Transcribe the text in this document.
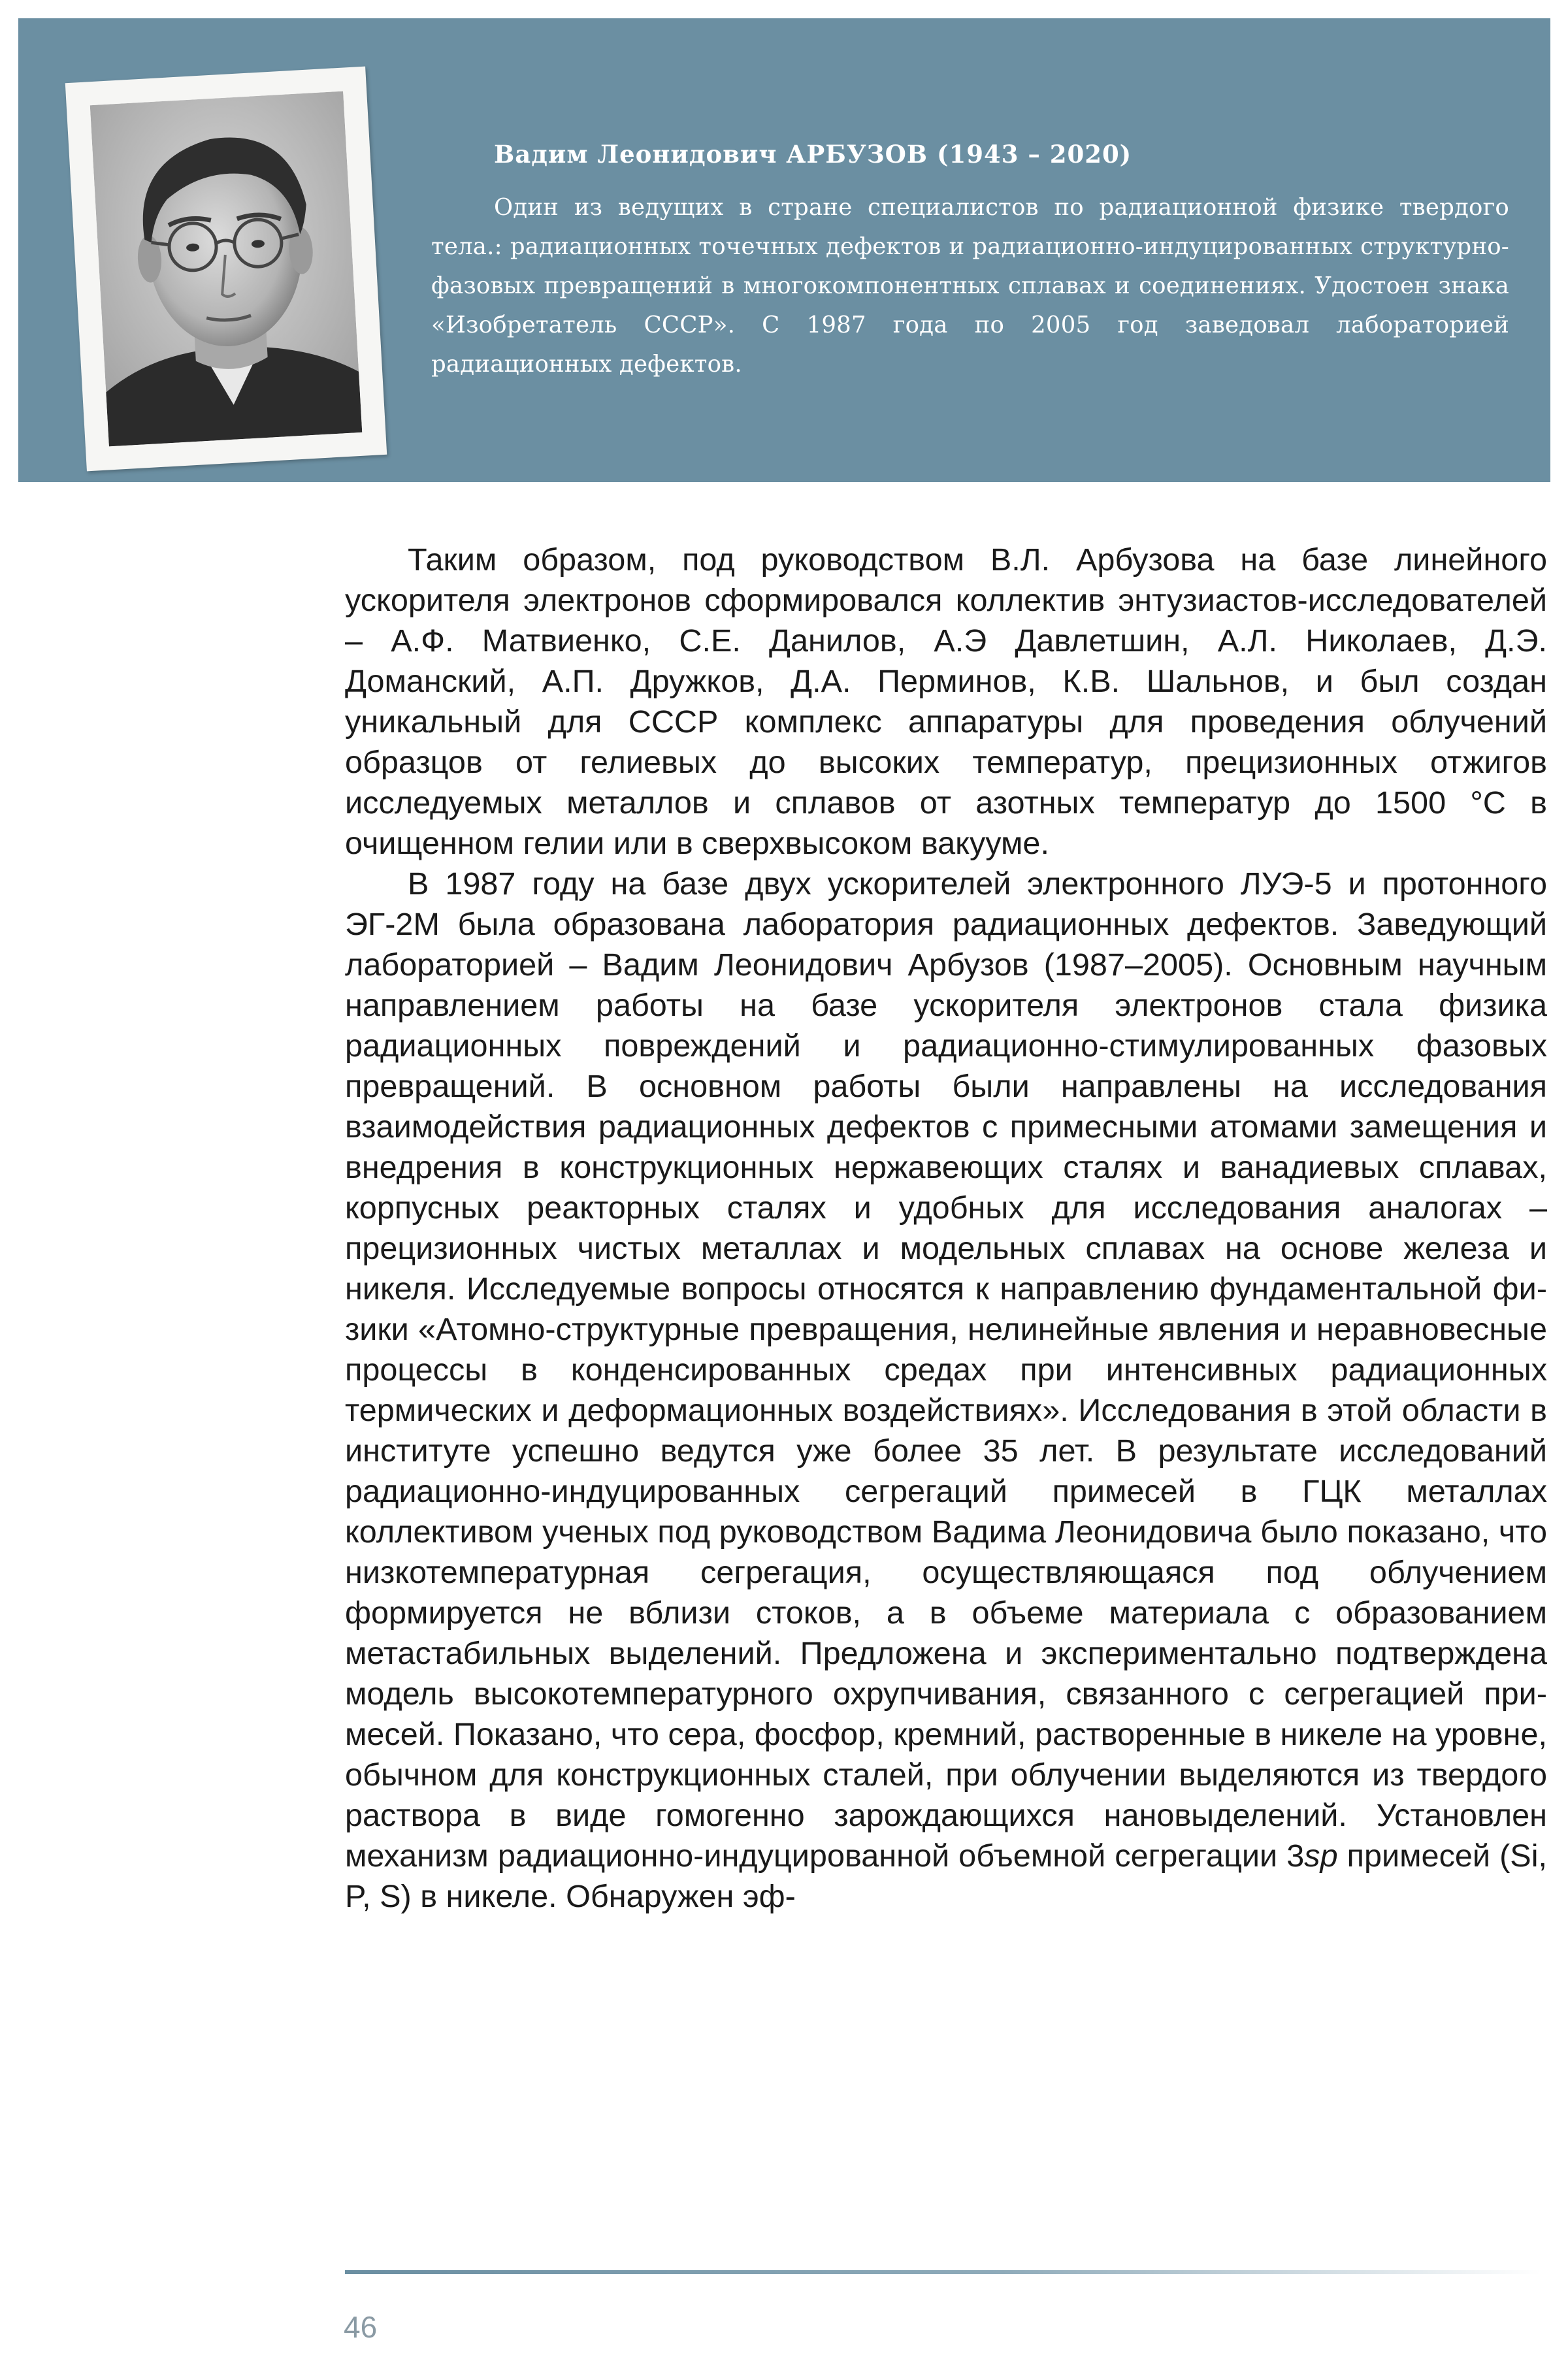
Вадим Леонидович АРБУЗОВ (1943 – 2020)

Один из ведущих в стране специалистов по радиационной физике твердого тела.: радиационных точечных дефектов и радиационно-индуцированных структурно-фазовых превращений в многокомпонентных сплавах и соединениях. Удостоен знака «Изобретатель СССР». С 1987 года по 2005 год заведовал лабораторией радиационных дефектов.

Таким образом, под руководством В.Л. Арбузова на базе линейного ускорителя электронов сформировался коллектив энтузиастов-исследователей – А.Ф. Матвиенко, С.Е. Данилов, А.Э Давлетшин, А.Л. Николаев, Д.Э. Доманский, А.П. Дружков, Д.А. Перминов, К.В. Шальнов, и был создан уникальный для СССР комплекс аппаратуры для проведения облучений образцов от гелиевых до высоких температур, прецизионных отжигов исследуемых металлов и сплавов от азотных температур до 1500 °С в очищенном гелии или в сверхвысоком вакууме.

В 1987 году на базе двух ускорителей электронного ЛУЭ-5 и протонного ЭГ-2М была образована лаборатория радиационных дефектов. Заведующий лабораторией – Вадим Леонидович Арбузов (1987–2005). Основным научным направлением работы на базе ускорителя электронов стала физика радиационных повреждений и радиационно-стимулированных фазовых превращений. В основном работы были направлены на исследования взаимодействия радиационных дефектов с примесными атомами замещения и внедрения в конструкционных нержавеющих сталях и ванадиевых сплавах, корпусных реакторных сталях и удобных для исследования аналогах – прецизионных чистых металлах и модельных сплавах на основе железа и никеля. Исследуемые вопросы относятся к направлению фундаментальной физики «Атомно-структурные превращения, нелинейные явления и неравновесные процессы в конденсированных средах при интенсивных радиационных термических и деформационных воздействиях». Исследования в этой области в институте успешно ведутся уже более 35 лет. В результате исследований радиационно-индуцированных сегрегаций примесей в ГЦК металлах коллективом ученых под руководством Вадима Леонидовича было показано, что низкотемпературная сегрегация, осуществляющаяся под облучением формируется не вблизи стоков, а в объеме материала с образованием метастабильных выделений. Предложена и экспериментально подтверждена модель высокотемпературного охрупчивания, связанного с сегрегацией примесей. Показано, что сера, фосфор, кремний, растворенные в никеле на уровне, обычном для конструкционных сталей, при облучении выделяются из твердого раствора в виде гомогенно зарождающихся нановыделений. Установлен механизм радиационно-индуцированной объемной сегрегации 3sp примесей (Si, P, S) в никеле. Обнаружен эф-

46
